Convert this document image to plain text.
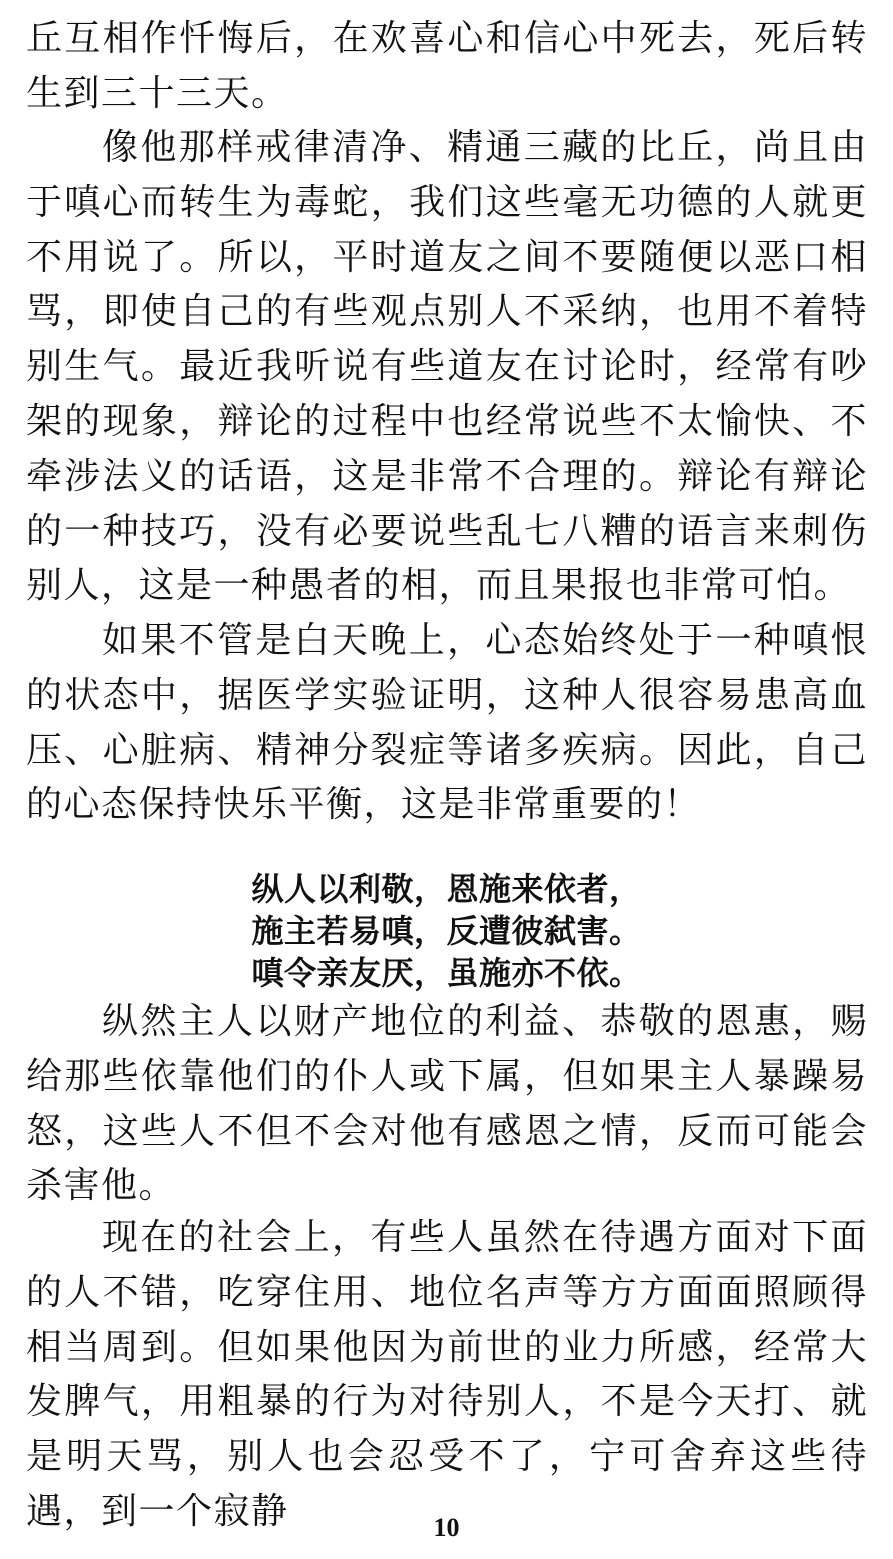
丘互相作忏悔后，在欢喜心和信心中死去，死后转生到三十三天。

像他那样戒律清净、精通三藏的比丘，尚且由于嗔心而转生为毒蛇，我们这些毫无功德的人就更不用说了。所以，平时道友之间不要随便以恶口相骂，即使自己的有些观点别人不采纳，也用不着特别生气。最近我听说有些道友在讨论时，经常有吵架的现象，辩论的过程中也经常说些不太愉快、不牵涉法义的话语，这是非常不合理的。辩论有辩论的一种技巧，没有必要说些乱七八糟的语言来刺伤别人，这是一种愚者的相，而且果报也非常可怕。

如果不管是白天晚上，心态始终处于一种嗔恨的状态中，据医学实验证明，这种人很容易患高血压、心脏病、精神分裂症等诸多疾病。因此，自己的心态保持快乐平衡，这是非常重要的！

纵人以利敬，恩施来依者，
施主若易嗔，反遭彼弑害。
嗔令亲友厌，虽施亦不依。

纵然主人以财产地位的利益、恭敬的恩惠，赐给那些依靠他们的仆人或下属，但如果主人暴躁易怒，这些人不但不会对他有感恩之情，反而可能会杀害他。

现在的社会上，有些人虽然在待遇方面对下面的人不错，吃穿住用、地位名声等方方面面照顾得相当周到。但如果他因为前世的业力所感，经常大发脾气，用粗暴的行为对待别人，不是今天打、就是明天骂，别人也会忍受不了，宁可舍弃这些待遇，到一个寂静	10
